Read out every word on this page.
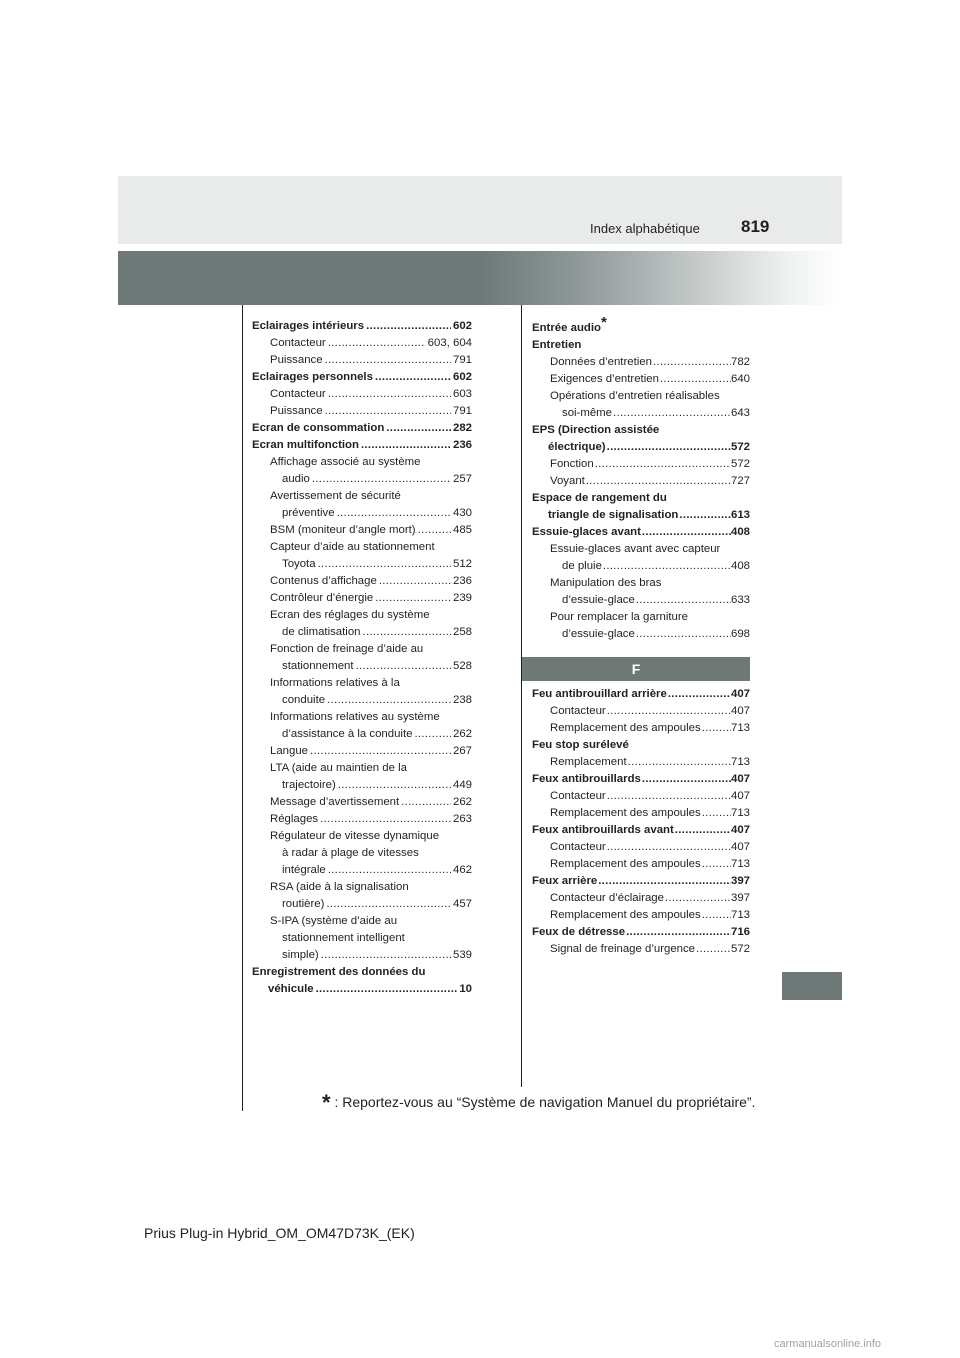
Index alphabétique 819
Eclairages intérieurs .....	602
Contacteur .....	603, 604
Puissance .....	791
Eclairages personnels .....	602
Contacteur .....	603
Puissance .....	791
Ecran de consommation .....	282
Ecran multifonction .....	236
Affichage associé au système
audio .....	257
Avertissement de sécurité
préventive .....	430
BSM (moniteur d’angle mort) .....	485
Capteur d’aide au stationnement
Toyota .....	512
Contenus d’affichage .....	236
Contrôleur d’énergie .....	239
Ecran des réglages du système
de climatisation .....	258
Fonction de freinage d’aide au
stationnement .....	528
Informations relatives à la
conduite .....	238
Informations relatives au système
d’assistance à la conduite .....	262
Langue .....	267
LTA (aide au maintien de la
trajectoire) .....	449
Message d’avertissement .....	262
Réglages .....	263
Régulateur de vitesse dynamique
à radar à plage de vitesses
intégrale .....	462
RSA (aide à la signalisation
routière) .....	457
S-IPA (système d’aide au
stationnement intelligent
simple) .....	539
Enregistrement des données du
véhicule .....	10
Entrée audio*
Entretien
Données d’entretien .....	782
Exigences d’entretien .....	640
Opérations d’entretien réalisables
soi-même .....	643
EPS (Direction assistée
électrique) .....	572
Fonction .....	572
Voyant .....	727
Espace de rangement du
triangle de signalisation .....	613
Essuie-glaces avant .....	408
Essuie-glaces avant avec capteur
de pluie .....	408
Manipulation des bras
d’essuie-glace .....	633
Pour remplacer la garniture
d’essuie-glace .....	698
F
Feu antibrouillard arrière .....	407
Contacteur .....	407
Remplacement des ampoules .....	713
Feu stop surélevé
Remplacement .....	713
Feux antibrouillards .....	407
Contacteur .....	407
Remplacement des ampoules .....	713
Feux antibrouillards avant .....	407
Contacteur .....	407
Remplacement des ampoules .....	713
Feux arrière .....	397
Contacteur d’éclairage .....	397
Remplacement des ampoules .....	713
Feux de détresse .....	716
Signal de freinage d’urgence .....	572
* : Reportez-vous au “Système de navigation Manuel du propriétaire”.
Prius Plug-in Hybrid_OM_OM47D73K_(EK)
carmanualsonline.info
